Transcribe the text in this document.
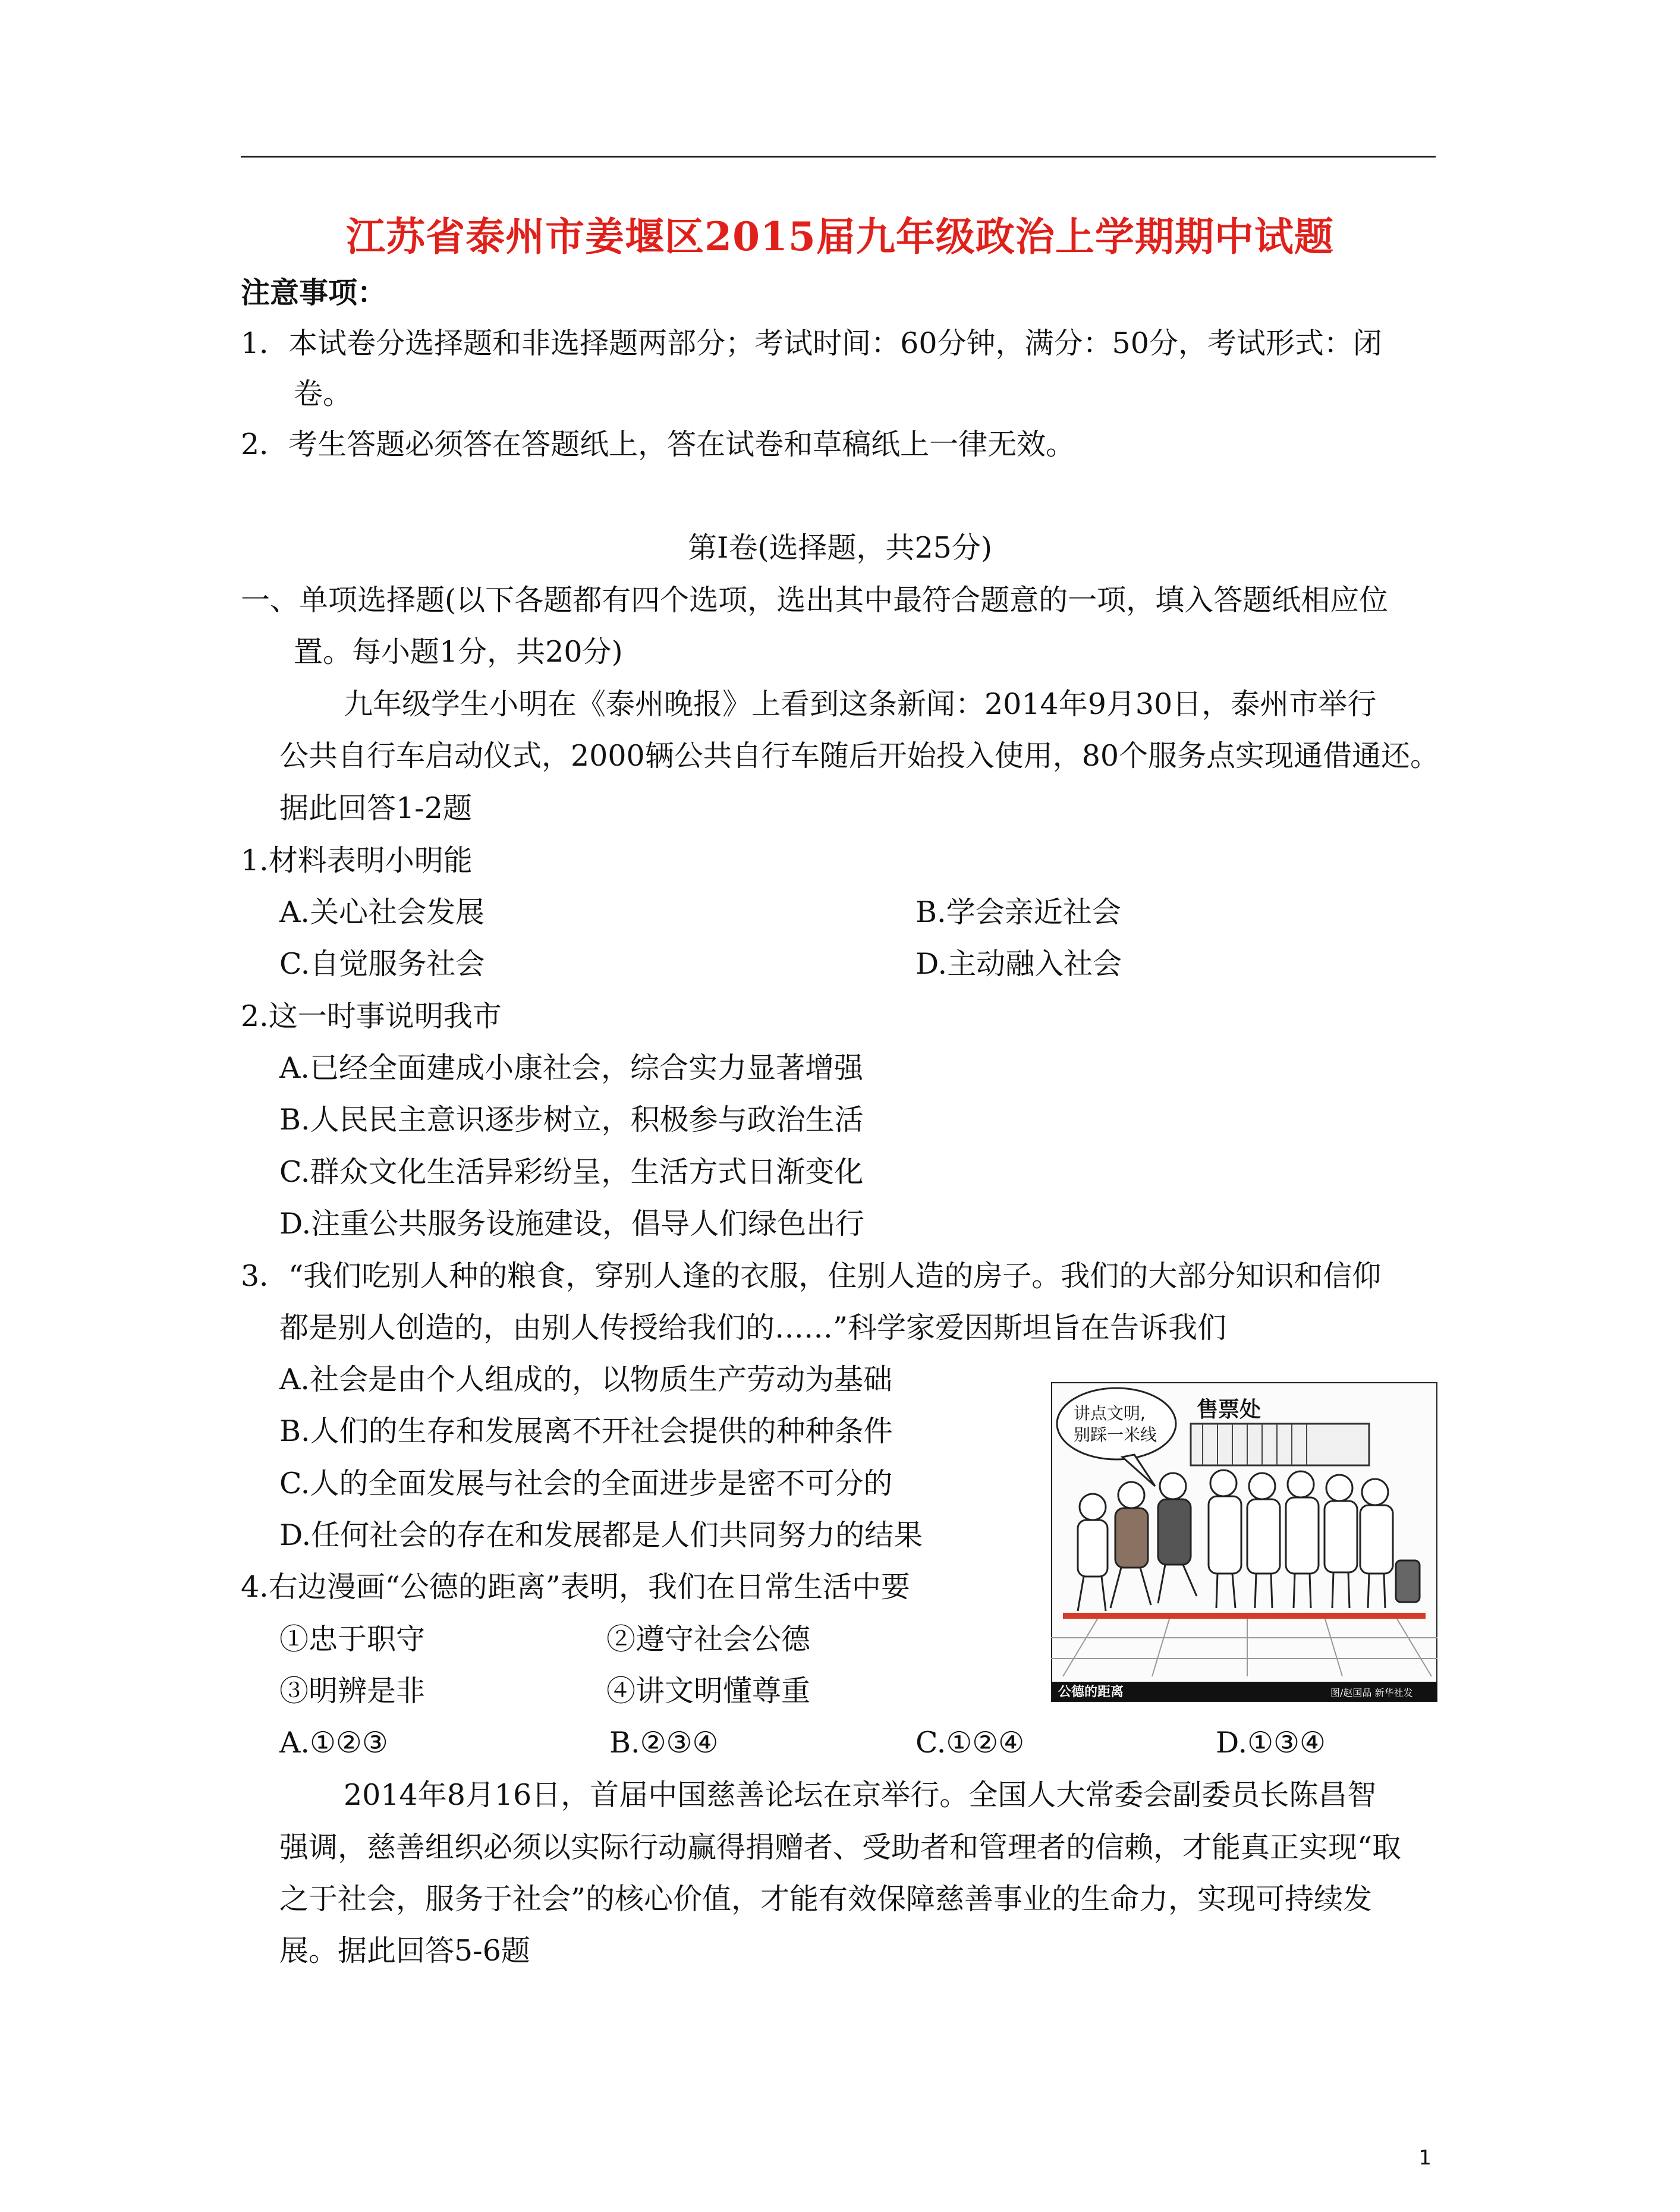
江苏省泰州市姜堰区2015届九年级政治上学期期中试题
注意事项：
1．本试卷分选择题和非选择题两部分；考试时间：60分钟，满分：50分，考试形式：闭
卷。
2．考生答题必须答在答题纸上，答在试卷和草稿纸上一律无效。
第Ⅰ卷(选择题，共25分)
一、单项选择题(以下各题都有四个选项，选出其中最符合题意的一项，填入答题纸相应位
置。每小题1分，共20分)
九年级学生小明在《泰州晚报》上看到这条新闻：2014年9月30日，泰州市举行
公共自行车启动仪式，2000辆公共自行车随后开始投入使用，80个服务点实现通借通还。
据此回答1-2题
1.材料表明小明能
A.关心社会发展	B.学会亲近社会
C.自觉服务社会	D.主动融入社会
2.这一时事说明我市
A.已经全面建成小康社会，综合实力显著增强
B.人民民主意识逐步树立，积极参与政治生活
C.群众文化生活异彩纷呈，生活方式日渐变化
D.注重公共服务设施建设，倡导人们绿色出行
3．“我们吃别人种的粮食，穿别人逢的衣服，住别人造的房子。我们的大部分知识和信仰
都是别人创造的，由别人传授给我们的……”科学家爱因斯坦旨在告诉我们
A.社会是由个人组成的，以物质生产劳动为基础
B.人们的生存和发展离不开社会提供的种种条件
C.人的全面发展与社会的全面进步是密不可分的
D.任何社会的存在和发展都是人们共同努力的结果
4.右边漫画“公德的距离”表明，我们在日常生活中要
①忠于职守	②遵守社会公德
③明辨是非	④讲文明懂尊重
A.①②③	B.②③④	C.①②④	D.①③④
售票处
讲点文明,
别踩一米线
公德的距离	图/赵国品 新华社发
2014年8月16日，首届中国慈善论坛在京举行。全国人大常委会副委员长陈昌智
强调，慈善组织必须以实际行动赢得捐赠者、受助者和管理者的信赖，才能真正实现“取
之于社会，服务于社会”的核心价值，才能有效保障慈善事业的生命力，实现可持续发
展。据此回答5-6题
1
